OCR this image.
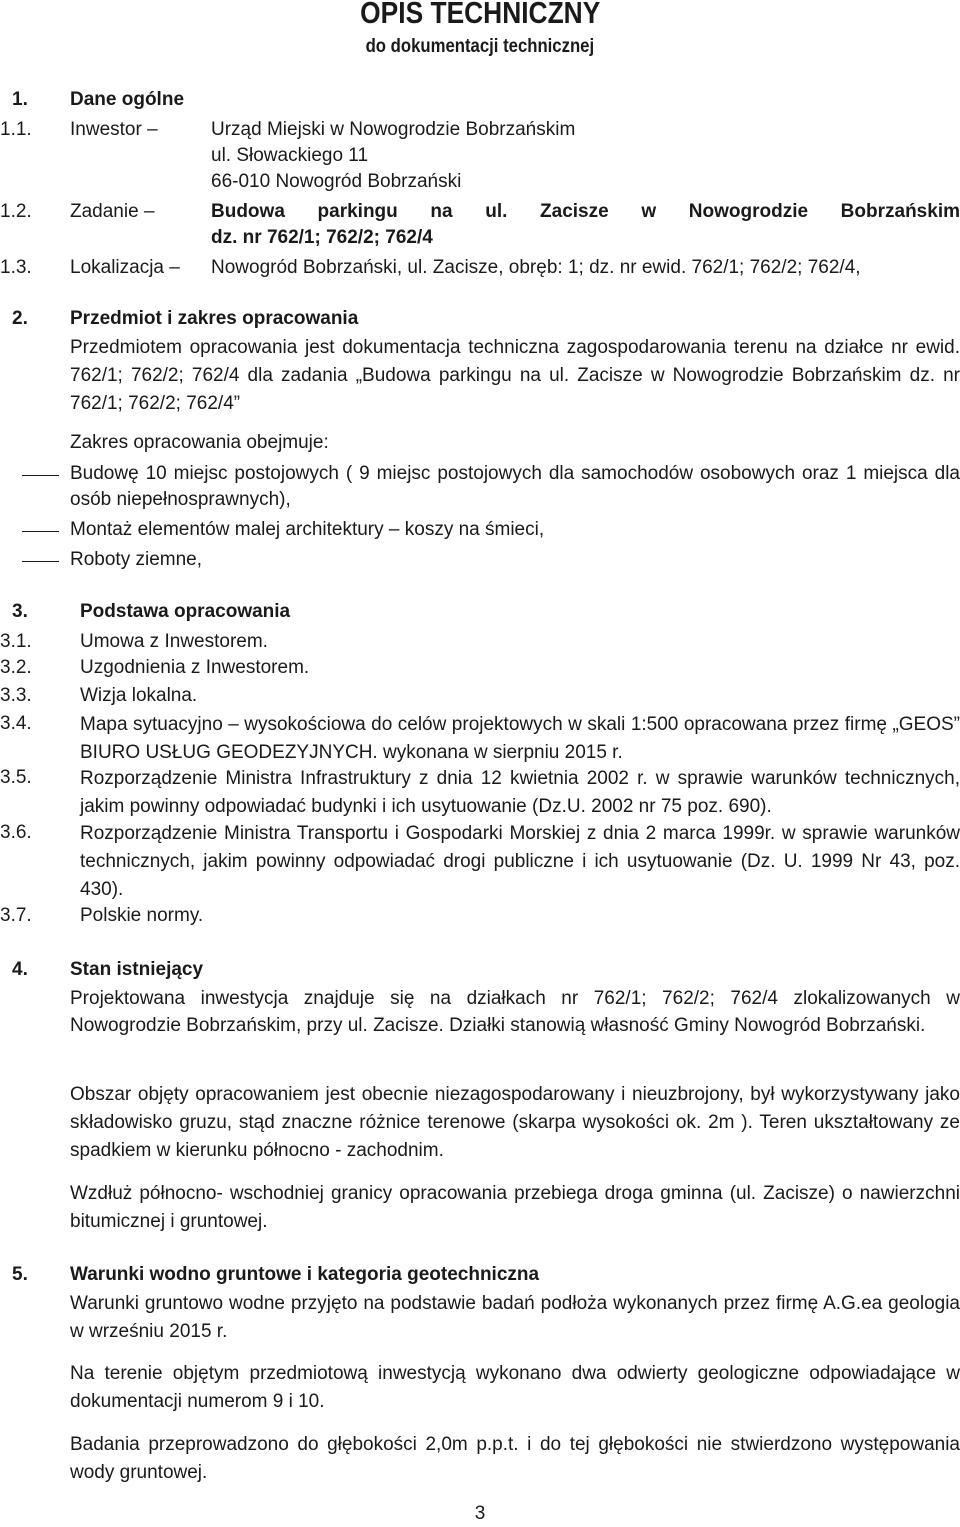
OPIS TECHNICZNY
do dokumentacji technicznej
1. Dane ogólne
1.1. Inwestor –	Urząd Miejski w Nowogrodzie Bobrzańskim
ul. Słowackiego 11
66-010 Nowogród Bobrzański
1.2. Zadanie –	Budowa parkingu na ul. Zacisze w Nowogrodzie Bobrzańskim
dz. nr 762/1; 762/2; 762/4
1.3. Lokalizacja – Nowogród Bobrzański, ul. Zacisze, obręb: 1; dz. nr ewid. 762/1; 762/2; 762/4,
2. Przedmiot i zakres opracowania
Przedmiotem opracowania jest dokumentacja techniczna zagospodarowania terenu na działce nr ewid. 762/1; 762/2; 762/4 dla zadania „Budowa parkingu na ul. Zacisze w Nowogrodzie Bobrzańskim dz. nr 762/1; 762/2; 762/4”
Zakres opracowania obejmuje:
Budowę 10 miejsc postojowych ( 9 miejsc postojowych dla samochodów osobowych oraz 1 miejsca dla osób niepełnosprawnych),
Montaż elementów malej architektury – koszy na śmieci,
Roboty ziemne,
3.	Podstawa opracowania
3.1.	Umowa z Inwestorem.
3.2.	Uzgodnienia z Inwestorem.
3.3.	Wizja lokalna.
3.4.	Mapa sytuacyjno – wysokościowa do celów projektowych w skali 1:500 opracowana przez firmę „GEOS” BIURO USŁUG GEODEZYJNYCH. wykonana w sierpniu 2015 r.
3.5.	Rozporządzenie Ministra Infrastruktury z dnia 12 kwietnia 2002 r. w sprawie warunków technicznych, jakim powinny odpowiadać budynki i ich usytuowanie (Dz.U. 2002 nr 75 poz. 690).
3.6.	Rozporządzenie Ministra Transportu i Gospodarki Morskiej z dnia 2 marca 1999r. w sprawie warunków technicznych, jakim powinny odpowiadać drogi publiczne i ich usytuowanie (Dz. U. 1999 Nr 43, poz. 430).
3.7.	Polskie normy.
4. Stan istniejący
Projektowana inwestycja znajduje się na działkach nr 762/1; 762/2; 762/4 zlokalizowanych w Nowogrodzie Bobrzańskim, przy ul. Zacisze. Działki stanowią własność Gminy Nowogród Bobrzański.
Obszar objęty opracowaniem jest obecnie niezagospodarowany i nieuzbrojony, był wykorzystywany jako składowisko gruzu, stąd znaczne różnice terenowe (skarpa wysokości ok. 2m ). Teren ukształtowany ze spadkiem w kierunku północno - zachodnim.
Wzdłuż północno- wschodniej granicy opracowania przebiega droga gminna (ul. Zacisze) o nawierzchni bitumicznej i gruntowej.
5. Warunki wodno gruntowe i kategoria geotechniczna
Warunki gruntowo wodne przyjęto na podstawie badań podłoża wykonanych przez firmę A.G.ea geologia w wrześniu 2015 r.
Na terenie objętym przedmiotową inwestycją wykonano dwa odwierty geologiczne odpowiadające w dokumentacji numerom 9 i 10.
Badania przeprowadzono do głębokości 2,0m p.p.t. i do tej głębokości nie stwierdzono występowania wody gruntowej.
3
